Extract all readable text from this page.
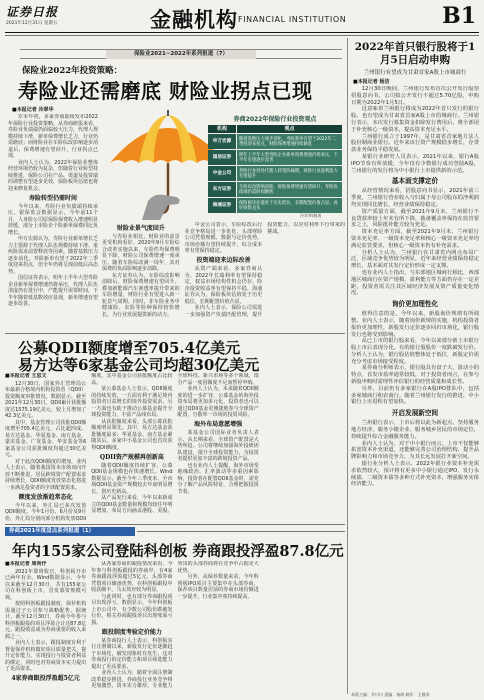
证券日报
2021年12月31日 星期五	金融机构 FINANCIAL INSTITUTION	B1
保险业2021~2022年系列报道（7）
保险业2022年投资策略：
寿险业还需磨底 财险业拐点已现
■本报记者 冷翠华

岁末年初，多家券商陆续发布2022年保险行业投资策略。从券商研报来看，寿险业负债端仍面临较大压力，代理人规模持续下滑，新单保费增长乏力，行业仍需磨底；而财险业在车险综改影响逐步消退后，保费增速有望回升，行业拐点已现。

业内人士认为，2022年保险业整体经营环境仍较为复杂，但随着行业转型持续推进，保险公司在产品、渠道及投资端的调整有望逐步见效，保险板块估值也将迎来修复机会。

寿险转型仍需时间

今年以来，寿险行业负债端持续承压。银保监会数据显示，今年前11个月，人身险公司原保险保费收入增速明显放缓，部分上市险企个险新单保费同比负增长。

申万宏源认为，寿险行业新单增长乏力主要源于代理人队伍规模持续下滑、重疾险需求前置释放等因素。随着基数压力逐步消化，寿险新单有望于2022年二季度迎来拐点，但全年仍将呈现前低后高态势。

国信证券表示，明年上半年大型寿险企业新单保费增速仍将承压，代理人队伍清虚仍在进行中，产能提升需要时间，下半年随着低基数效应显现，新单增速有望逐步改善。

券商2022年保险行业投资观点
机构	观点
申万宏源	随着基数压力逐步消化，寿险新单有望于2022年二季度迎来拐点，财险保费增速持续修复
国信证券	明年上半年大型寿险企业新单保费增速仍将承压，下半年有望逐步改善
中金公司	寿险行业仍处代理人转型阵痛期，财险行业盈利能力有望提升
东方证券	车险综改影响消除，财险保费增速有望回升，寿险负债端仍需时间磨底
海通证券	保险板块估值处于历史低位，长期配置价值凸显，看好财险龙头
冷翠华/制表
财险业景气度回升

与寿险业相比，财险业的前景更受机构看好。2020年9月车险综合改革实施以来，车险件均保费明显下降，财险公司保费增速一度承压。随着车险综改满一周年，其对保费的负面影响逐步消除。

东方证券认为，车险综改影响消除后，财险保费增速有望回升，叠加新能源汽车渗透率提升带来的车险增量，财险行业有望进入新一轮景气周期。同时，非车险业务中健康险、农险等险种保持较快增长，为行业发展提供新的动力。

中金公司表示，车险综改后行业竞争格局进一步优化，头部财险公司凭借规模、数据与定价优势，市场份额有望持续提升，综合成本率有望保持稳定。

投资端迎来边际改善

从资产端来看，多家券商认为，2022年长端利率有望保持稳定，权益市场结构性机会仍存，险企投资收益率有望保持平稳。海通证券认为，保险板块估值处于历史低位，长期配置价值凸显。

业内人士表示，保险公司需进一步加强资产负债匹配管理，提升投资能力，以应对利率下行带来的挑战。

公募QDII额度增至705.4亿美元
易方达等6家基金公司均超30亿美元
■本报记者 王思文

12月30日，国家外汇管理局公布最新合格境内机构投资者（QDII）投资额度审批情况。数据显示，截至2021年12月30日，QDII累计获批额度达1575.19亿美元，较上月增加了42.3亿美元。

其中，基金管理公司获批QDII额度增至705.4亿美元，占比超四成。易方达基金、华夏基金、南方基金、嘉实基金、广发基金、华安基金等6家基金公司获批额度均超过30亿美元。

对于此次QDII额度的增加，业内人士表示，随着我国资本市场双向开放不断推进，居民跨境资产配置需求持续增长，QDII额度发放常态化将进一步满足投资者的全球配置需求。

额度发放渐趋常态化

今年以来，外汇局已多次发放QDII额度。今年1月份、6月份及9月份，外汇局分别向部分机构发放QDII额度，其中基金公司获批额度占比较高。

某公募基金人士表示，QDII额度的持续发放，一方面有利于满足境内投资者日益增长的境外投资需求，另一方面也有助于推动公募基金提升全球投资能力，丰富产品线布局。

从获批额度来看，头部公募获批额度明显领先。其中，易方达基金获批额度最多；华夏基金、南方基金紧随其后。多家中小基金公司也首次获得QDII额度。

QDII资产规模再创新高

随着QDII额度持续扩容，公募QDII基金规模也在快速增长。Wind数据显示，截至今年三季度末，全市场QDII基金资产规模较去年底明显增长，创历史新高。

从产品发行来看，今年以来新成立的QDII基金数量和规模均较往年明显增加，布局方向涵盖港股、美股、全球科技、新兴市场等多个领域，部分产品一度因额度不足而暂停申购。

业内人士认为，未来随着QDII额度的进一步扩容，公募基金的海外投资布局将更加多元化，投资者也可以通过QDII基金更便捷地参与全球资产配置，分散单一市场的投资风险。

海外布局意愿增强

某基金公司国际业务负责人表示，从长期来看，全球资产配置是大势所趋。公司将继续加强海外投研团队建设，提升全球投资能力，为投资者提供更加丰富的跨境投资产品。

也有业内人士提醒，海外市场受地缘政治、汇率波动等多重因素影响，投资者在配置QDII基金时，需充分了解产品风险特征，合理把握投资节奏。

券商2021年度盘点系列报道（1）
年内155家公司登陆科创板 券商跟投浮盈87.8亿元
■本报记者 周尚伃

2021年即将收官，科创板开市已两年有余。Wind数据显示，今年以来截至12月30日，共有155家公司在科创板上市，首发募资规模可观。

按照科创板跟投制度，保荐机构需通过子公司参与战略配售。据统计，截至12月30日，券商今年参与科创板跟投的项目浮盈合计达87.8亿元，跟投收益成为券商重要的收入来源之一。

业内人士表示，跟投制度有利于督促保荐机构做好项目质量把关，提升定价能力，实现投行与投资者利益的绑定，同时也对券商资本实力提出了更高要求。

4家券商跟投浮盈超5亿元

从各家券商的跟投情况来看，今年参与科创板跟投的券商中，有4家券商跟投浮盈超过5亿元，头部券商凭借项目储备优势，在科创板跟投中收获颇丰，马太效应较为明显。

与此同时，也有部分券商跟投项目出现浮亏。数据显示，今年科创板上市公司中，有少数公司股价跌破发行价，相关券商跟投项目出现账面亏损。

跟投制度考验定价能力

某券商投行人士表示，科创板实行注册制以来，新股发行定价逐渐趋于市场化，破发现象时有发生，这对券商投行的定价能力和项目筛选能力提出了更高要求。

业内人士认为，随着全面注册制改革稳步推进，券商投行业务竞争将更加激烈，资本实力雄厚、专业能力突出的头部券商将在竞争中占据更大优势。

另外，从保荐数量来看，今年科创板IPO项目主要集中在头部券商，保荐项目数量居前的券商市场份额进一步提升，行业集中度持续提高。

2022年首只银行股将于1月5日启动申购
兰州银行有望成为甘肃首家A股上市城商行
■本报记者 杨洁

12月30日晚间，兰州银行发布首次公开发行股票招股意向书，公司拟公开发行不超过5.70亿股，申购日期为2022年1月5日。

这意味着兰州银行将成为2022年首只发行的银行股，也有望成为甘肃省首家A股上市的城商行。兰州银行表示，本次发行募集资金扣除发行费用后，将全部用于补充核心一级资本，提高资本充足水平。

兰州银行成立于1997年，是甘肃省首家地方法人股份制商业银行。近年来该行资产规模稳步增长，存贷款业务保持平稳发展。

某银行业研究人员表示，2021年以来，银行A股IPO节奏有所放缓，全年仅有少数银行成功登陆A股，兰州银行的发行将为中小银行上市提供新的示范。

基本面支撑定价

从经营情况来看，招股意向书显示，2021年前三季度，兰州银行营业收入与归属于母公司股东的净利润均实现同比增长，经营业绩保持稳定。

资产质量方面，截至2021年9月末，兰州银行不良贷款率较上年末有所下降，拨备覆盖率保持在监管要求之上，风险抵补能力较为充足。

资本充足率方面，截至2021年9月末，兰州银行资本充足率、一级资本充足率和核心一级资本充足率均满足监管要求，但核心一级资本仍有补充需求。

分析人士认为，兰州银行在甘肃省内网点布局广泛，区域竞争优势较为明显，近年来经营业绩保持稳定增长，基本面对其发行定价形成一定支撑。

也有业内人士指出，与东部地区城商行相比，西部地区城商行在资产规模、盈利能力等方面仍存在一定差距，投资者需关注其区域经济发展及资产质量变化情况。

询价更加理性化

值得注意的是，今年以来，新股询价规则有所调整。业内人士表示，随着询价新规的实施，机构投资者报价更加理性，新股发行定价逐步回归市场化，银行股发行也将受到影响。

从已上市的银行股来看，今年以来部分新上市银行股上市后表现分化，有的银行股股价一度跌破发行价。分析人士认为，银行股估值整体处于低位，新股定价需充分考虑市场接受程度。

某券商分析师表示，银行股具有盘子大、波动小的特点，首发市盈率通常较低，对于投资者而言，在参与新股申购时需理性评估银行的经营质量和成长性。

另外，目前仍有多家银行在A股IPO排队中，包括多家城商行和农商行。随着兰州银行发行的推进，中小银行上市进程有望加快。

开启发展新空间

兰州银行表示，上市后将以此为新起点，坚持服务地方经济、服务小微企业、服务城乡居民的市场定位，持续提升综合金融服务能力。

业内人士认为，对于中小银行而言，上市不仅能够拓宽资本补充渠道，还能够完善公司治理结构，提升品牌影响力和市场竞争力，为其长远发展打开新空间。

银行业分析人士表示，2022年银行业资本补充需求依然较大，预计将有更多中小银行通过IPO、发行永续债、二级资本债等多种方式补充资本，增强服务实体经济能力。

本版主编：乔川川 责编：杨萌 制作：王敬涛
